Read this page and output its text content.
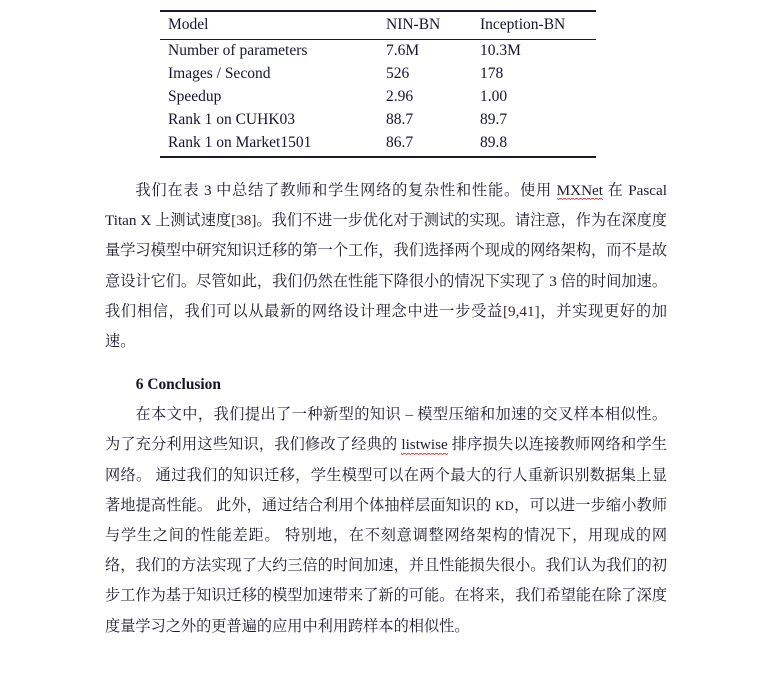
Model	NIN-BN	Inception-BN
Number of parameters	7.6M	10.3M
Images / Second	526	178
Speedup	2.96	1.00
Rank 1 on CUHK03	88.7	89.7
Rank 1 on Market1501	86.7	89.8

我们在表 3 中总结了教师和学生网络的复杂性和性能。使用 MXNet 在 Pascal Titan X 上测试速度[38]。我们不进一步优化对于测试的实现。请注意，作为在深度度量学习模型中研究知识迁移的第一个工作，我们选择两个现成的网络架构，而不是故意设计它们。尽管如此，我们仍然在性能下降很小的情况下实现了 3 倍的时间加速。我们相信，我们可以从最新的网络设计理念中进一步受益[9,41]，并实现更好的加速。

6 Conclusion

在本文中，我们提出了一种新型的知识 – 模型压缩和加速的交叉样本相似性。 为了充分利用这些知识，我们修改了经典的 listwise 排序损失以连接教师网络和学生网络。 通过我们的知识迁移，学生模型可以在两个最大的行人重新识别数据集上显著地提高性能。 此外，通过结合利用个体抽样层面知识的 KD，可以进一步缩小教师与学生之间的性能差距。 特别地，在不刻意调整网络架构的情况下，用现成的网络，我们的方法实现了大约三倍的时间加速，并且性能损失很小。我们认为我们的初步工作为基于知识迁移的模型加速带来了新的可能。在将来，我们希望能在除了深度度量学习之外的更普遍的应用中利用跨样本的相似性。
